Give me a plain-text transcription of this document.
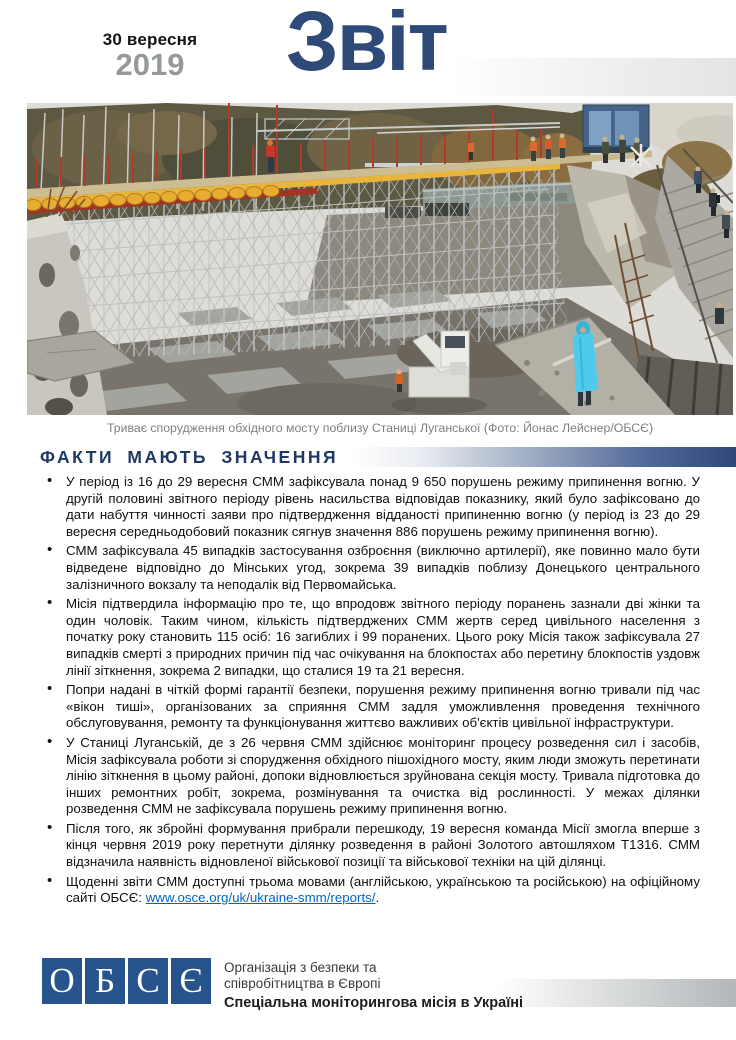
30 вересня
2019	Звіт
Триває спорудження обхідного мосту поблизу Станиці Луганської (Фото: Йонас Лейснер/ОБСЄ)
ФАКТИ МАЮТЬ ЗНАЧЕННЯ
• У період із 16 до 29 вересня СММ зафіксувала понад 9 650 порушень режиму припинення вогню. У другій половині звітного періоду рівень насильства відповідав показнику, який було зафіксовано до дати набуття чинності заяви про підтвердження відданості припиненню вогню (у період із 23 до 29 вересня середньодобовий показник сягнув значення 886 порушень режиму припинення вогню).
• СММ зафіксувала 45 випадків застосування озброєння (виключно артилерії), яке повинно мало бути відведене відповідно до Мінських угод, зокрема 39 випадків поблизу Донецького центрального залізничного вокзалу та неподалік від Первомайська.
• Місія підтвердила інформацію про те, що впродовж звітного періоду поранень зазнали дві жінки та один чоловік. Таким чином, кількість підтверджених СММ жертв серед цивільного населення з початку року становить 115 осіб: 16 загиблих і 99 поранених. Цього року Місія також зафіксувала 27 випадків смерті з природних причин під час очікування на блокпостах або перетину блокпостів уздовж лінії зіткнення, зокрема 2 випадки, що сталися 19 та 21 вересня.
• Попри надані в чіткій формі гарантії безпеки, порушення режиму припинення вогню тривали під час «вікон тиші», організованих за сприяння СММ задля уможливлення проведення технічного обслуговування, ремонту та функціонування життєво важливих об'єктів цивільної інфраструктури.
• У Станиці Луганській, де з 26 червня СММ здійснює моніторинг процесу розведення сил і засобів, Місія зафіксувала роботи зі спорудження обхідного пішохідного мосту, яким люди зможуть перетинати лінію зіткнення в цьому районі, допоки відновлюється зруйнована секція мосту. Тривала підготовка до інших ремонтних робіт, зокрема, розмінування та очистка від рослинності. У межах ділянки розведення СММ не зафіксувала порушень режиму припинення вогню.
• Після того, як збройні формування прибрали перешкоду, 19 вересня команда Місії змогла вперше з кінця червня 2019 року перетнути ділянку розведення в районі Золотого автошляхом Т1316. СММ відзначила наявність відновленої військової позиції та військової техніки на цій ділянці.
• Щоденні звіти СММ доступні трьома мовами (англійською, українською та російською) на офіційному сайті ОБСЄ: www.osce.org/uk/ukraine-smm/reports/.
О Б С Є	Організація з безпеки та
співробітництва в Європі
Спеціальна моніторингова місія в Україні
